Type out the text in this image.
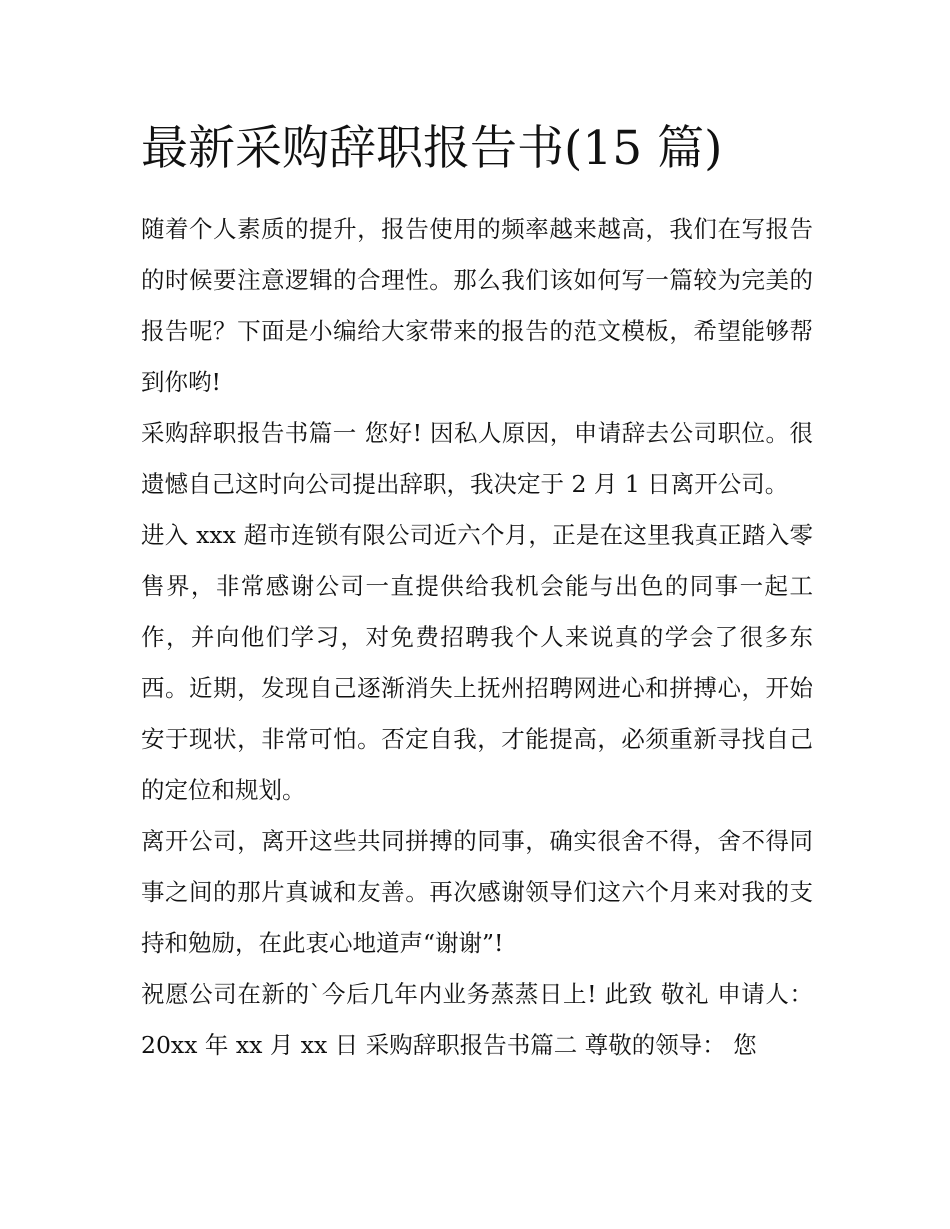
最新采购辞职报告书(15 篇)

随着个人素质的提升，报告使用的频率越来越高，我们在写报告的时候要注意逻辑的合理性。那么我们该如何写一篇较为完美的报告呢？下面是小编给大家带来的报告的范文模板，希望能够帮到你哟!

采购辞职报告书篇一 您好! 因私人原因，申请辞去公司职位。很遗憾自己这时向公司提出辞职，我决定于 2 月 1 日离开公司。

进入 xxx 超市连锁有限公司近六个月，正是在这里我真正踏入零售界，非常感谢公司一直提供给我机会能与出色的同事一起工作，并向他们学习，对免费招聘我个人来说真的学会了很多东西。近期，发现自己逐渐消失上抚州招聘网进心和拼搏心，开始安于现状，非常可怕。否定自我，才能提高，必须重新寻找自己的定位和规划。

离开公司，离开这些共同拼搏的同事，确实很舍不得，舍不得同事之间的那片真诚和友善。再次感谢领导们这六个月来对我的支持和勉励，在此衷心地道声“谢谢”!

祝愿公司在新的`今后几年内业务蒸蒸日上! 此致 敬礼 申请人： 20xx 年 xx 月 xx 日 采购辞职报告书篇二 尊敬的领导： 您
